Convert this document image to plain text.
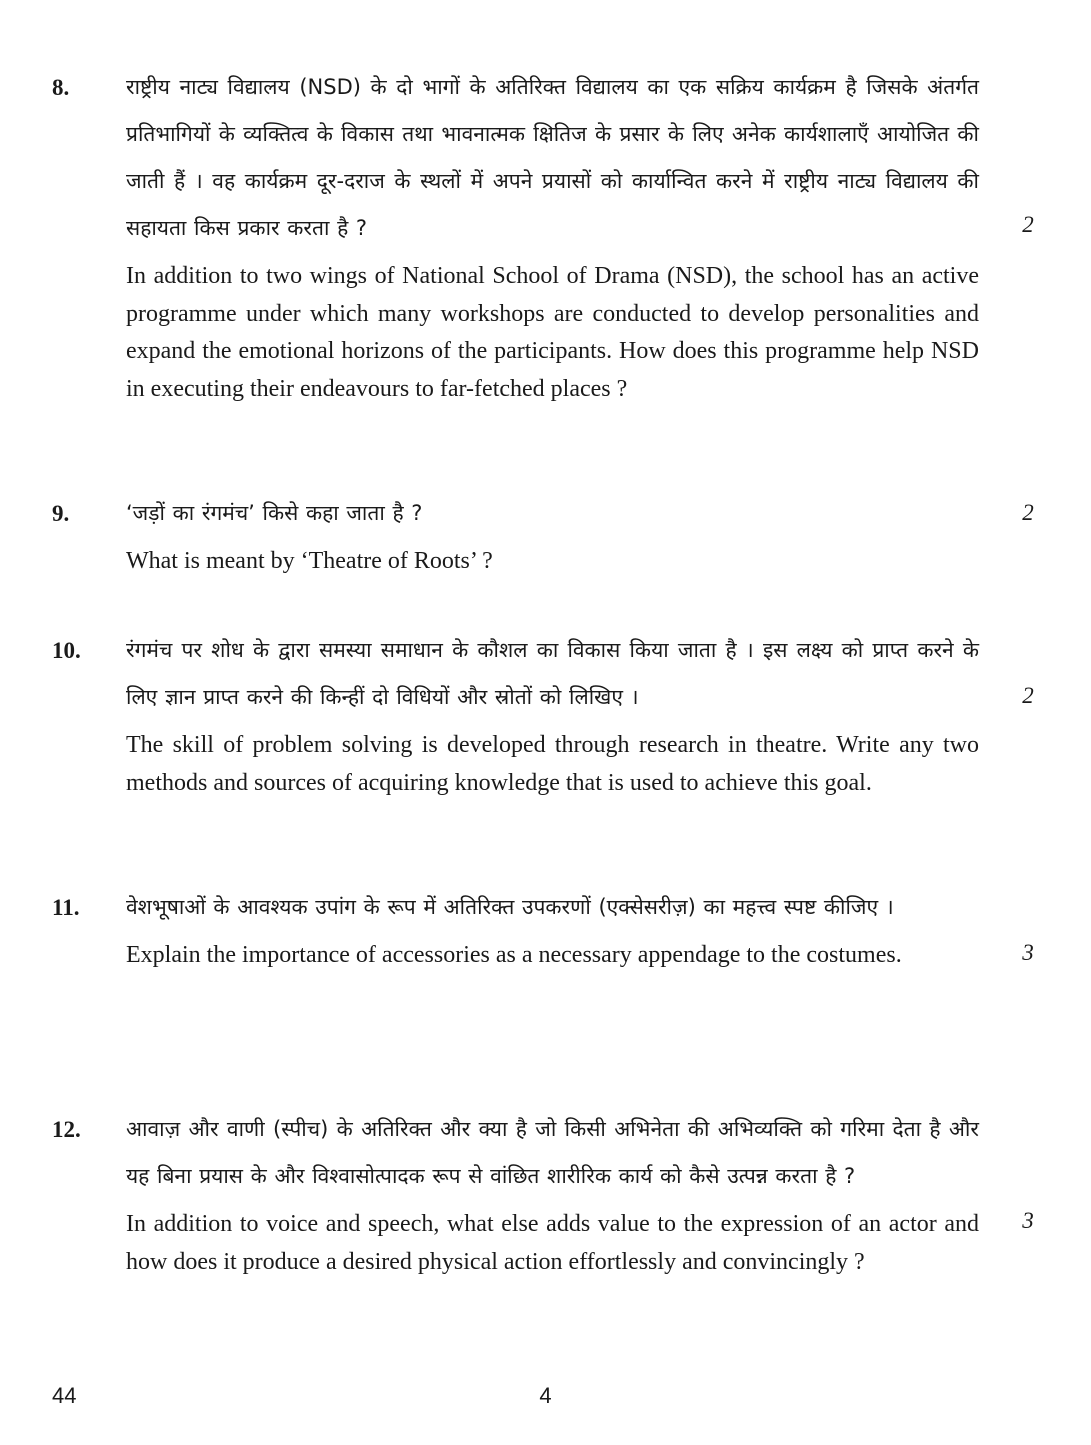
8.	राष्ट्रीय नाट्य विद्यालय (NSD) के दो भागों के अतिरिक्त विद्यालय का एक सक्रिय कार्यक्रम है जिसके अंतर्गत प्रतिभागियों के व्यक्तित्व के विकास तथा भावनात्मक क्षितिज के प्रसार के लिए अनेक कार्यशालाएँ आयोजित की जाती हैं । वह कार्यक्रम दूर-दराज के स्थलों में अपने प्रयासों को कार्यान्वित करने में राष्ट्रीय नाट्य विद्यालय की सहायता किस प्रकार करता है ?

In addition to two wings of National School of Drama (NSD), the school has an active programme under which many workshops are conducted to develop personalities and expand the emotional horizons of the participants. How does this programme help NSD in executing their endeavours to far-fetched places ?

2
9.	‘जड़ों का रंगमंच’ किसे कहा जाता है ?

What is meant by ‘Theatre of Roots’ ?

2
10. रंगमंच पर शोध के द्वारा समस्या समाधान के कौशल का विकास किया जाता है । इस लक्ष्य को प्राप्त करने के लिए ज्ञान प्राप्त करने की किन्हीं दो विधियों और स्रोतों को लिखिए ।

The skill of problem solving is developed through research in theatre. Write any two methods and sources of acquiring knowledge that is used to achieve this goal.

2
11. वेशभूषाओं के आवश्यक उपांग के रूप में अतिरिक्त उपकरणों (एक्सेसरीज़) का महत्त्व स्पष्ट कीजिए ।

Explain the importance of accessories as a necessary appendage to the costumes.	3
12. आवाज़ और वाणी (स्पीच) के अतिरिक्त और क्या है जो किसी अभिनेता की अभिव्यक्ति को गरिमा देता है और यह बिना प्रयास के और विश्वासोत्पादक रूप से वांछित शारीरिक कार्य को कैसे उत्पन्न करता है ?

In addition to voice and speech, what else adds value to the expression of an actor and how does it produce a desired physical action effortlessly and convincingly ?

3
44	4
